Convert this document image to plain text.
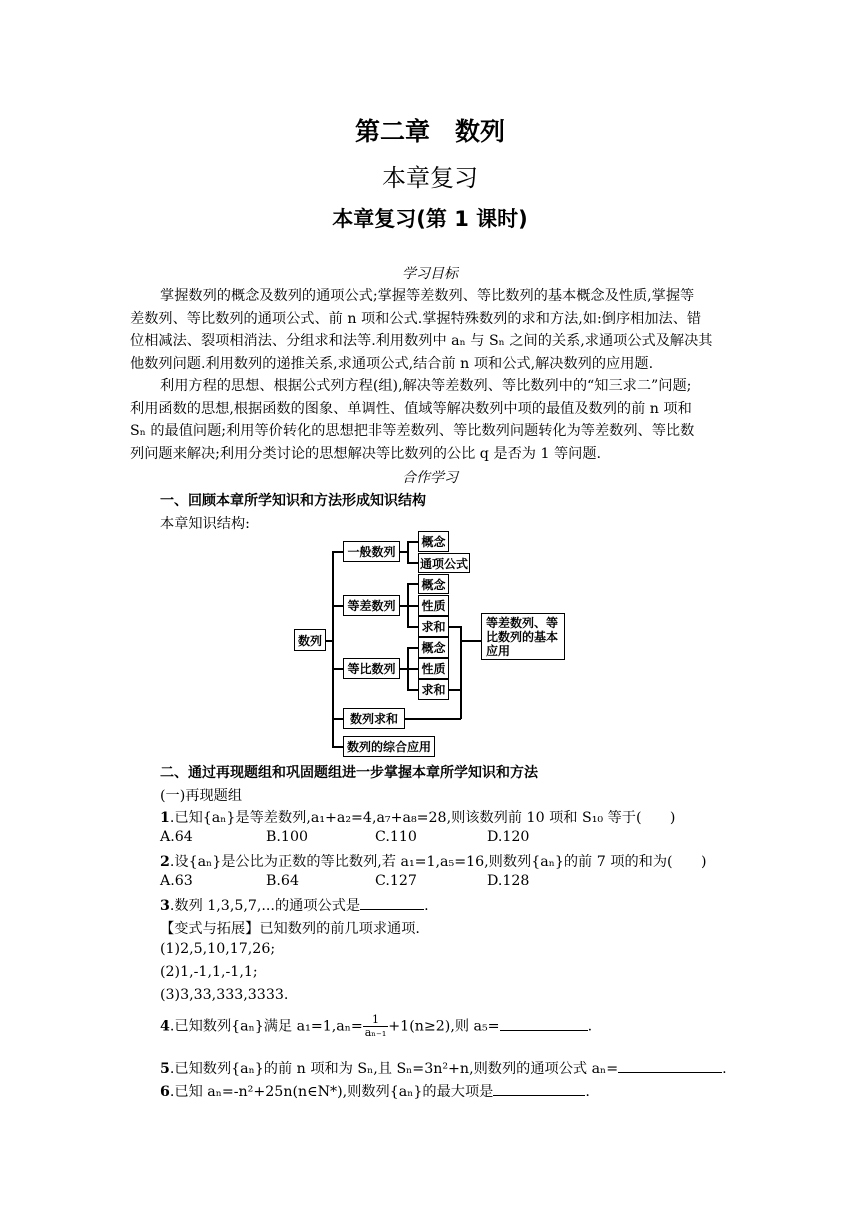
第二章　数列
本章复习
本章复习(第 1 课时)
学习目标
掌握数列的概念及数列的通项公式;掌握等差数列、等比数列的基本概念及性质,掌握等
差数列、等比数列的通项公式、前 n 项和公式.掌握特殊数列的求和方法,如:倒序相加法、错
位相减法、裂项相消法、分组求和法等.利用数列中 aₙ 与 Sₙ 之间的关系,求通项公式及解决其
他数列问题.利用数列的递推关系,求通项公式,结合前 n 项和公式,解决数列的应用题.
利用方程的思想、根据公式列方程(组),解决等差数列、等比数列中的“知三求二”问题;
利用函数的思想,根据函数的图象、单调性、值域等解决数列中项的最值及数列的前 n 项和
Sₙ 的最值问题;利用等价转化的思想把非等差数列、等比数列问题转化为等差数列、等比数
列问题来解决;利用分类讨论的思想解决等比数列的公比 q 是否为 1 等问题.
合作学习
一、回顾本章所学知识和方法形成知识结构
本章知识结构:
数列
一般数列
概念
通项公式
等差数列
概念
性质
求和
等比数列
概念
性质
求和
数列求和
数列的综合应用
等差数列、等比数列的基本应用
二、通过再现题组和巩固题组进一步掌握本章所学知识和方法
(一)再现题组
1.已知{aₙ}是等差数列,a₁+a₂=4,a₇+a₈=28,则该数列前 10 项和 S₁₀ 等于(　　)
A.64	B.100	C.110	D.120
2.设{aₙ}是公比为正数的等比数列,若 a₁=1,a₅=16,则数列{aₙ}的前 7 项的和为(　　)
A.63	B.64	C.127	D.128
3.数列 1,3,5,7,...的通项公式是	.
【变式与拓展】已知数列的前几项求通项.
(1)2,5,10,17,26;
(2)1,-1,1,-1,1;
(3)3,33,333,3333.
4.已知数列{aₙ}满足 $a_1=1,a_n= \frac{1}{\text{aₙ₋₁}} +1(n\ge 2)$,则 a₅=	.
5.已知数列{aₙ}的前 n 项和为 Sₙ,且 Sₙ=3n²+n,则数列的通项公式 aₙ=	.
6.已知 aₙ=-n²+25n(n∈N*),则数列{aₙ}的最大项是	.
